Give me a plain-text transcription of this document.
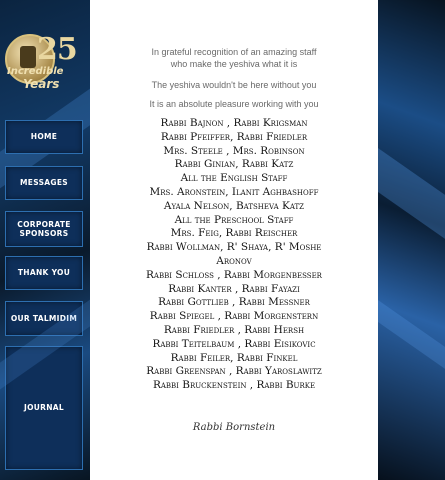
25
Incredible
Years
HOME
MESSAGES
CORPORATE
SPONSORS
THANK YOU
OUR TALMIDIM
JOURNAL
In grateful recognition of an amazing staff
who make the yeshiva what it is
The yeshiva wouldn't be here without you
It is an absolute pleasure working with you
Rabbi Bajnon , Rabbi Krigsman
Rabbi Pfeiffer, Rabbi Friedler
Mrs. Steele , Mrs. Robinson
Rabbi Ginian, Rabbi Katz
All the English Staff
Mrs. Aronstein, Ilanit Aghbashoff
Ayala Nelson, Batsheva Katz
All the Preschool Staff
Mrs. Feig, Rabbi Reischer
Rabbi Wollman, R' Shaya, R' Moshe
Aronov
Rabbi Schloss , Rabbi Morgenbesser
Rabbi Kanter , Rabbi Fayazi
Rabbi Gottlieb , Rabbi Messner
Rabbi Spiegel , Rabbi Morgenstern
Rabbi Friedler , Rabbi Hersh
Rabbi Teitelbaum , Rabbi Eisikovic
Rabbi Feiler, Rabbi Finkel
Rabbi Greenspan , Rabbi Yaroslawitz
Rabbi Bruckenstein , Rabbi Burke
Rabbi Bornstein
